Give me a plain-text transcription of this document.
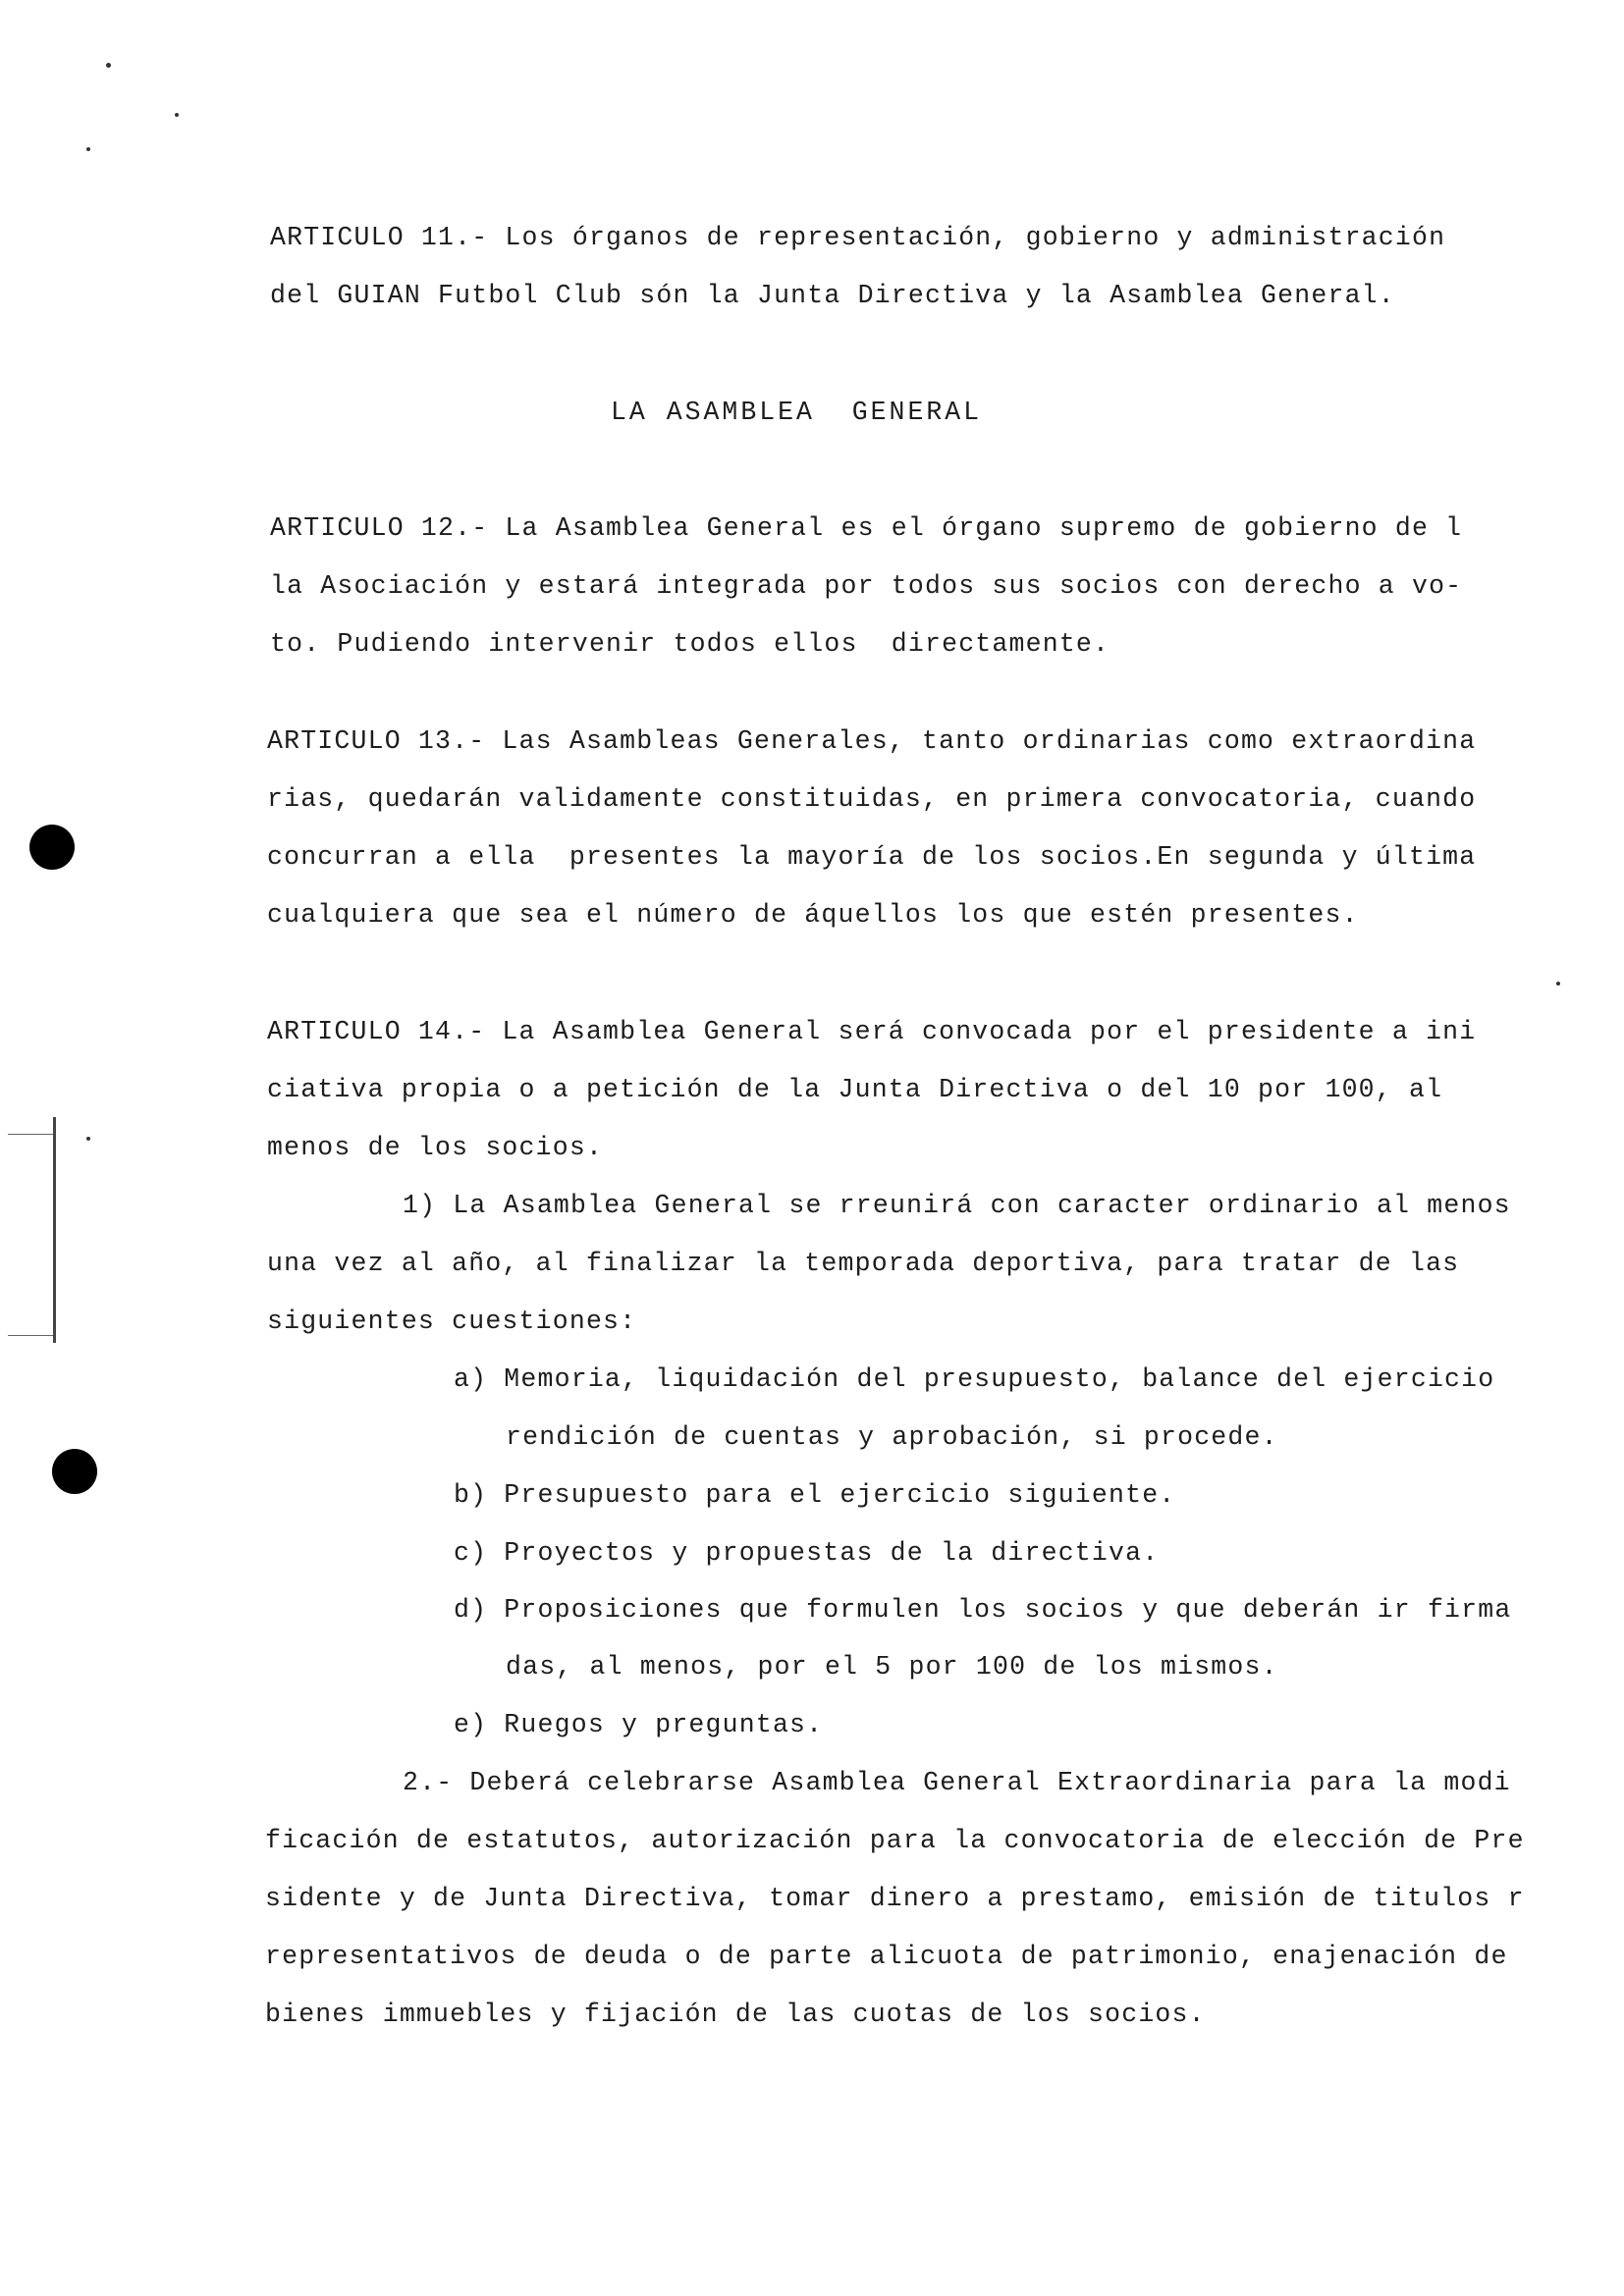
ARTICULO 11.- Los órganos de representación, gobierno y administración
del GUIAN Futbol Club són la Junta Directiva y la Asamblea General.
LA ASAMBLEA  GENERAL
ARTICULO 12.- La Asamblea General es el órgano supremo de gobierno de l
la Asociación y estará integrada por todos sus socios con derecho a vo-
to. Pudiendo intervenir todos ellos  directamente.
ARTICULO 13.- Las Asambleas Generales, tanto ordinarias como extraordina
rias, quedarán validamente constituidas, en primera convocatoria, cuando
concurran a ella  presentes la mayoría de los socios.En segunda y última
cualquiera que sea el número de áquellos los que estén presentes.
ARTICULO 14.- La Asamblea General será convocada por el presidente a ini
ciativa propia o a petición de la Junta Directiva o del 10 por 100, al
menos de los socios.
1) La Asamblea General se rreunirá con caracter ordinario al menos
una vez al año, al finalizar la temporada deportiva, para tratar de las
siguientes cuestiones:
a) Memoria, liquidación del presupuesto, balance del ejercicio
rendición de cuentas y aprobación, si procede.
b) Presupuesto para el ejercicio siguiente.
c) Proyectos y propuestas de la directiva.
d) Proposiciones que formulen los socios y que deberán ir firma
das, al menos, por el 5 por 100 de los mismos.
e) Ruegos y preguntas.
2.- Deberá celebrarse Asamblea General Extraordinaria para la modi
ficación de estatutos, autorización para la convocatoria de elección de Pre
sidente y de Junta Directiva, tomar dinero a prestamo, emisión de titulos r
representativos de deuda o de parte alicuota de patrimonio, enajenación de
bienes immuebles y fijación de las cuotas de los socios.
